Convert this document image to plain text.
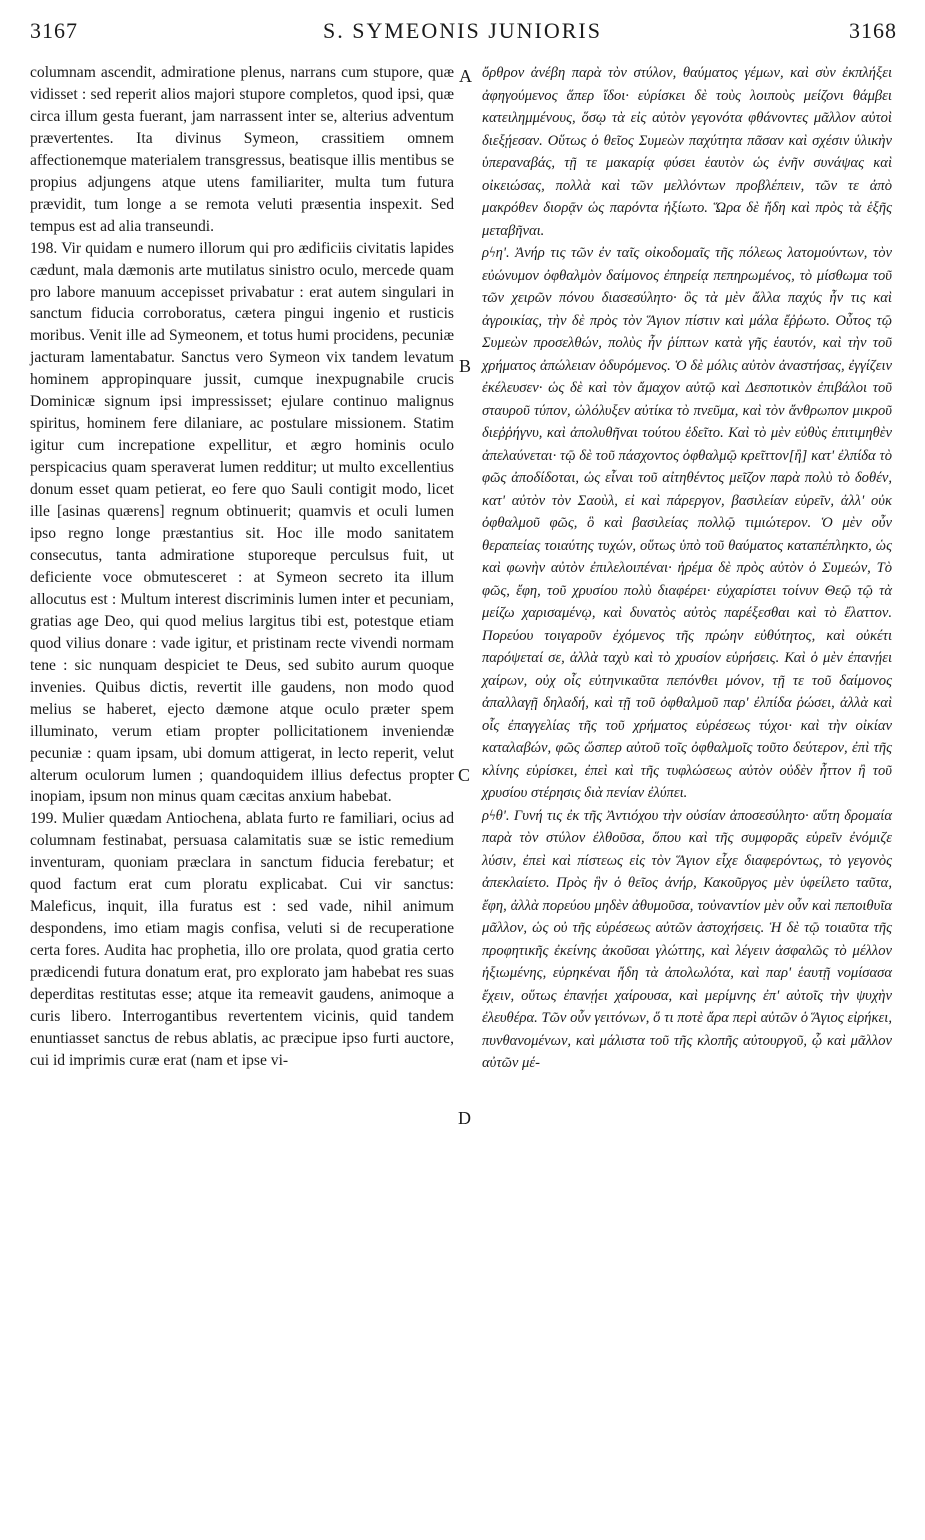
3167	S. SYMEONIS JUNIORIS	3168

columnam ascendit, admiratione plenus, narrans cum stupore, quæ vidisset : sed reperit alios majori stupore completos, quod ipsi, quæ circa illum gesta fuerant, jam narrassent inter se, alterius adventum prævertentes. Ita divinus Symeon, crassitiem omnem affectionemque materialem transgressus, beatisque illis mentibus se propius adjungens atque utens familiariter, multa tum futura prævidit, tum longe a se remota veluti præsentia inspexit. Sed tempus est ad alia transeundi.

198. Vir quidam e numero illorum qui pro ædificiis civitatis lapides cædunt, mala dæmonis arte mutilatus sinistro oculo, mercede quam pro labore manuum accepisset privabatur : erat autem singulari in sanctum fiducia corroboratus, cætera pingui ingenio et rusticis moribus. Venit ille ad Symeonem, et totus humi procidens, pecuniæ jacturam lamentabatur. Sanctus vero Symeon vix tandem levatum hominem appropinquare jussit, cumque inexpugnabile crucis Dominicæ signum ipsi impressisset; ejulare continuo malignus spiritus, hominem fere dilaniare, ac postulare missionem. Statim igitur cum increpatione expellitur, et ægro hominis oculo perspicacius quam speraverat lumen redditur; ut multo excellentius donum esset quam petierat, eo fere quo Sauli contigit modo, licet ille [asinas quærens] regnum obtinuerit; quamvis et oculi lumen ipso regno longe præstantius sit. Hoc ille modo sanitatem consecutus, tanta admiratione stuporeque perculsus fuit, ut deficiente voce obmutesceret : at Symeon secreto ita illum allocutus est : Multum interest discriminis lumen inter et pecuniam, gratias age Deo, qui quod melius largitus tibi est, potestque etiam quod vilius donare : vade igitur, et pristinam recte vivendi normam tene : sic nunquam despiciet te Deus, sed subito aurum quoque invenies. Quibus dictis, revertit ille gaudens, non modo quod melius se haberet, ejecto dæmone atque oculo præter spem illuminato, verum etiam propter pollicitationem inveniendæ pecuniæ : quam ipsam, ubi domum attigerat, in lecto reperit, velut alterum oculorum lumen ; quandoquidem illius defectus propter inopiam, ipsum non minus quam cæcitas anxium habebat.

199. Mulier quædam Antiochena, ablata furto re familiari, ocius ad columnam festinabat, persuasa calamitatis suæ se istic remedium inventuram, quoniam præclara in sanctum fiducia ferebatur; et quod factum erat cum ploratu explicabat. Cui vir sanctus: Maleficus, inquit, illa furatus est : sed vade, nihil animum despondens, imo etiam magis confisa, veluti si de recuperatione certa fores. Audita hac prophetia, illo ore prolata, quod gratia certo prædicendi futura donatum erat, pro explorato jam habebat res suas deperditas restitutas esse; atque ita remeavit gaudens, animoque a curis libero. Interrogantibus revertentem vicinis, quid tandem enuntiasset sanctus de rebus ablatis, ac præcipue ipso furti auctore, cui id imprimis curæ erat (nam et ipse vi-

A
B
C
D

ὄρθρον ἀνέβη παρὰ τὸν στύλον, θαύματος γέμων, καὶ σὺν ἐκπλήξει ἀφηγούμενος ἅπερ ἴδοι· εὑρίσκει δὲ τοὺς λοιποὺς μείζονι θάμβει κατειλημμένους, ὅσῳ τὰ εἰς αὐτὸν γεγονότα φθάνοντες μᾶλλον αὐτοὶ διεξῄεσαν. Οὕτως ὁ θεῖος Συμεὼν παχύτητα πᾶσαν καὶ σχέσιν ὑλικὴν ὑπεραναβάς, τῇ τε μακαρίᾳ φύσει ἑαυτὸν ὡς ἐνῆν συνάψας καὶ οἰκειώσας, πολλὰ καὶ τῶν μελλόντων προβλέπειν, τῶν τε ἀπὸ μακρόθεν διορᾷν ὡς παρόντα ἠξίωτο. Ὥρα δὲ ἤδη καὶ πρὸς τὰ ἑξῆς μεταβῆναι.

ρϟη'. Ἀνήρ τις τῶν ἐν ταῖς οἰκοδομαῖς τῆς πόλεως λατομούντων, τὸν εὐώνυμον ὀφθαλμὸν δαίμονος ἐπηρείᾳ πεπηρωμένος, τὸ μίσθωμα τοῦ τῶν χειρῶν πόνου διασεσύλητο· ὃς τὰ μὲν ἄλλα παχύς ἦν τις καὶ ἀγροικίας, τὴν δὲ πρὸς τὸν Ἅγιον πίστιν καὶ μάλα ἔῤῥωτο. Οὗτος τῷ Συμεὼν προσελθών, πολὺς ἦν ῥίπτων κατὰ γῆς ἑαυτόν, καὶ τὴν τοῦ χρήματος ἀπώλειαν ὀδυρόμενος. Ὁ δὲ μόλις αὐτὸν ἀναστήσας, ἐγγίζειν ἐκέλευσεν· ὡς δὲ καὶ τὸν ἄμαχον αὐτῷ καὶ Δεσποτικὸν ἐπιβάλοι τοῦ σταυροῦ τύπον, ὠλόλυξεν αὐτίκα τὸ πνεῦμα, καὶ τὸν ἄνθρωπον μικροῦ διεῤῥήγνυ, καὶ ἀπολυθῆναι τούτου ἐδεῖτο. Καὶ τὸ μὲν εὐθὺς ἐπιτιμηθὲν ἀπελαύνεται· τῷ δὲ τοῦ πάσχοντος ὀφθαλμῷ κρεῖττον[ἢ] κατ' ἐλπίδα τὸ φῶς ἀποδίδοται, ὡς εἶναι τοῦ αἰτηθέντος μεῖζον παρὰ πολὺ τὸ δοθέν, κατ' αὐτὸν τὸν Σαοὺλ, εἰ καὶ πάρεργον, βασιλείαν εὑρεῖν, ἀλλ' οὐκ ὀφθαλμοῦ φῶς, ὃ καὶ βασιλείας πολλῷ τιμιώτερον. Ὁ μὲν οὖν θεραπείας τοιαύτης τυχών, οὕτως ὑπὸ τοῦ θαύματος καταπέπληκτο, ὡς καὶ φωνὴν αὐτὸν ἐπιλελοιπέναι· ἠρέμα δὲ πρὸς αὐτὸν ὁ Συμεών, Τὸ φῶς, ἔφη, τοῦ χρυσίου πολὺ διαφέρει· εὐχαρίστει τοίνυν Θεῷ τῷ τὰ μείζω χαρισαμένῳ, καὶ δυνατὸς αὐτὸς παρέξεσθαι καὶ τὸ ἔλαττον. Πορεύου τοιγαροῦν ἐχόμενος τῆς πρώην εὐθύτητος, καὶ οὐκέτι παρόψεταί σε, ἀλλὰ ταχὺ καὶ τὸ χρυσίον εὑρήσεις. Καὶ ὁ μὲν ἐπανῄει χαίρων, οὐχ οἷς εὐτηνικαῦτα πεπόνθει μόνον, τῇ τε τοῦ δαίμονος ἀπαλλαγῇ δηλαδή, καὶ τῇ τοῦ ὀφθαλμοῦ παρ' ἐλπίδα ῥώσει, ἀλλὰ καὶ οἷς ἐπαγγελίας τῆς τοῦ χρήματος εὑρέσεως τύχοι· καὶ τὴν οἰκίαν καταλαβών, φῶς ὥσπερ αὐτοῦ τοῖς ὀφθαλμοῖς τοῦτο δεύτερον, ἐπὶ τῆς κλίνης εὑρίσκει, ἐπεὶ καὶ τῆς τυφλώσεως αὐτὸν οὐδὲν ἧττον ἢ τοῦ χρυσίου στέρησις διὰ πενίαν ἐλύπει.

ρϟθ'. Γυνή τις ἐκ τῆς Ἀντιόχου τὴν οὐσίαν ἀποσεσύλητο· αὕτη δρομαία παρὰ τὸν στύλον ἐλθοῦσα, ὅπου καὶ τῆς συμφορᾶς εὑρεῖν ἐνόμιζε λύσιν, ἐπεὶ καὶ πίστεως εἰς τὸν Ἅγιον εἶχε διαφερόντως, τὸ γεγονὸς ἀπεκλαίετο. Πρὸς ἣν ὁ θεῖος ἀνήρ, Κακοῦργος μὲν ὑφείλετο ταῦτα, ἔφη, ἀλλὰ πορεύου μηδὲν ἀθυμοῦσα, τοὐναντίον μὲν οὖν καὶ πεποιθυῖα μᾶλλον, ὡς οὐ τῆς εὑρέσεως αὐτῶν ἀστοχήσεις. Ἡ δὲ τῷ τοιαῦτα τῆς προφητικῆς ἐκείνης ἀκοῦσαι γλώττης, καὶ λέγειν ἀσφαλῶς τὸ μέλλον ἠξιωμένης, εὑρηκέναι ἤδη τὰ ἀπολωλότα, καὶ παρ' ἑαυτῇ νομίσασα ἔχειν, οὕτως ἐπανῄει χαίρουσα, καὶ μερίμνης ἐπ' αὐτοῖς τὴν ψυχὴν ἐλευθέρα. Τῶν οὖν γειτόνων, ὅ τι ποτὲ ἄρα περὶ αὐτῶν ὁ Ἅγιος εἰρήκει, πυνθανομένων, καὶ μάλιστα τοῦ τῆς κλοπῆς αὐτουργοῦ, ᾧ καὶ μᾶλλον αὐτῶν μέ-
